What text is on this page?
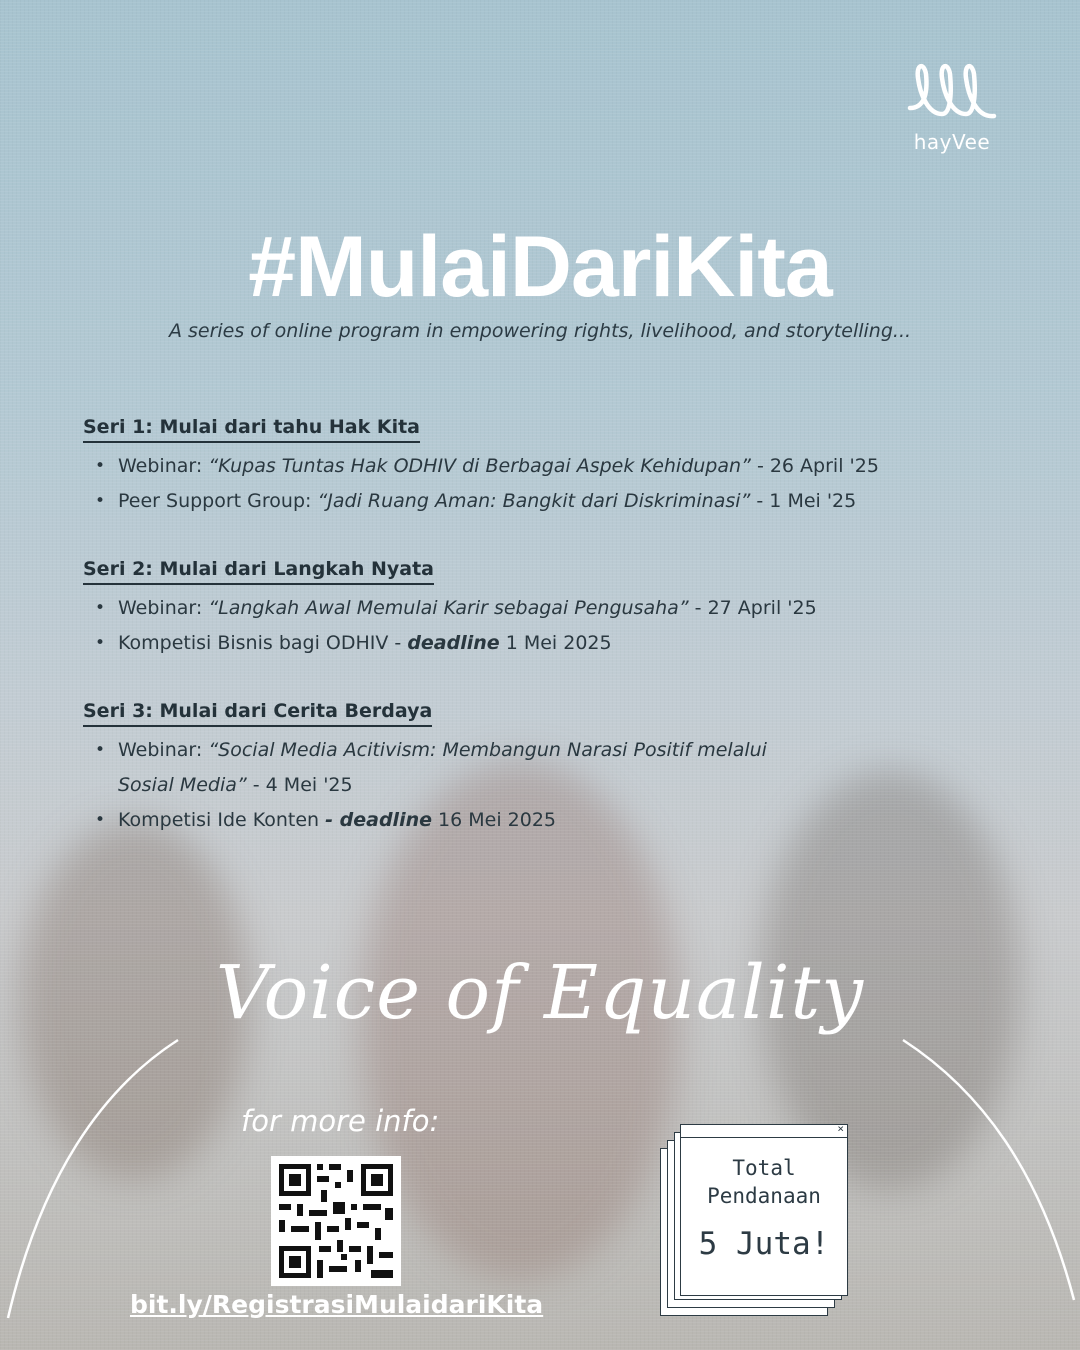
hayVee
#MulaiDariKita
A series of online program in empowering rights, livelihood, and storytelling...
Seri 1: Mulai dari tahu Hak Kita
• Webinar: “Kupas Tuntas Hak ODHIV di Berbagai Aspek Kehidupan” - 26 April '25
• Peer Support Group: “Jadi Ruang Aman: Bangkit dari Diskriminasi” - 1 Mei '25
Seri 2: Mulai dari Langkah Nyata
• Webinar: “Langkah Awal Memulai Karir sebagai Pengusaha” - 27 April '25
• Kompetisi Bisnis bagi ODHIV - deadline 1 Mei 2025
Seri 3: Mulai dari Cerita Berdaya
• Webinar: “Social Media Acitivism: Membangun Narasi Positif melalui
Sosial Media” - 4 Mei '25
• Kompetisi Ide Konten - deadline 16 Mei 2025
Voice of Equality
for more info:
bit.ly/RegistrasiMulaidariKita
×
Total
Pendanaan
5 Juta!
